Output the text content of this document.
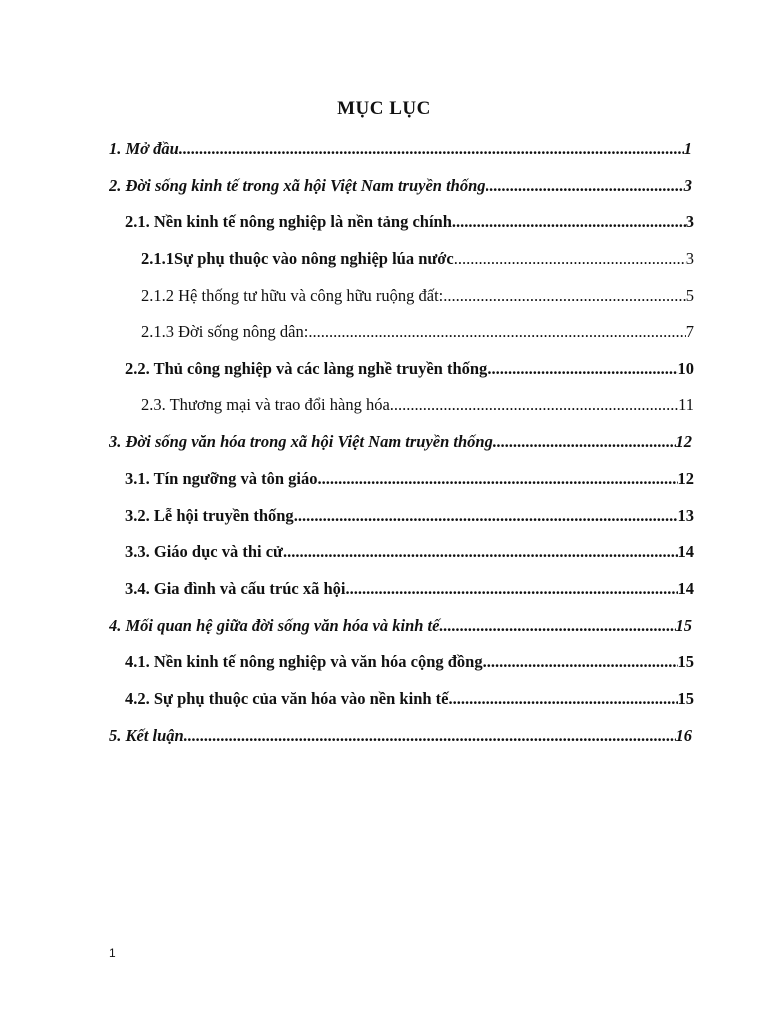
MỤC LỤC
1. Mở đầu .....	1
2. Đời sống kinh tế trong xã hội Việt Nam truyền thống .....	3
2.1. Nền kinh tế nông nghiệp là nền tảng chính .....	3
2.1.1Sự phụ thuộc vào nông nghiệp lúa nước .....	3
2.1.2 Hệ thống tư hữu và công hữu ruộng đất: .....	5
2.1.3 Đời sống nông dân: .....	7
2.2. Thủ công nghiệp và các làng nghề truyền thống .....	10
2.3. Thương mại và trao đổi hàng hóa .....	11
3. Đời sống văn hóa trong xã hội Việt Nam truyền thống .....	12
3.1. Tín ngưỡng và tôn giáo .....	12
3.2. Lễ hội truyền thống .....	13
3.3. Giáo dục và thi cử .....	14
3.4. Gia đình và cấu trúc xã hội .....	14
4. Mối quan hệ giữa đời sống văn hóa và kinh tế .....	15
4.1. Nền kinh tế nông nghiệp và văn hóa cộng đồng .....	15
4.2. Sự phụ thuộc của văn hóa vào nền kinh tế .....	15
5. Kết luận .....	16
1
